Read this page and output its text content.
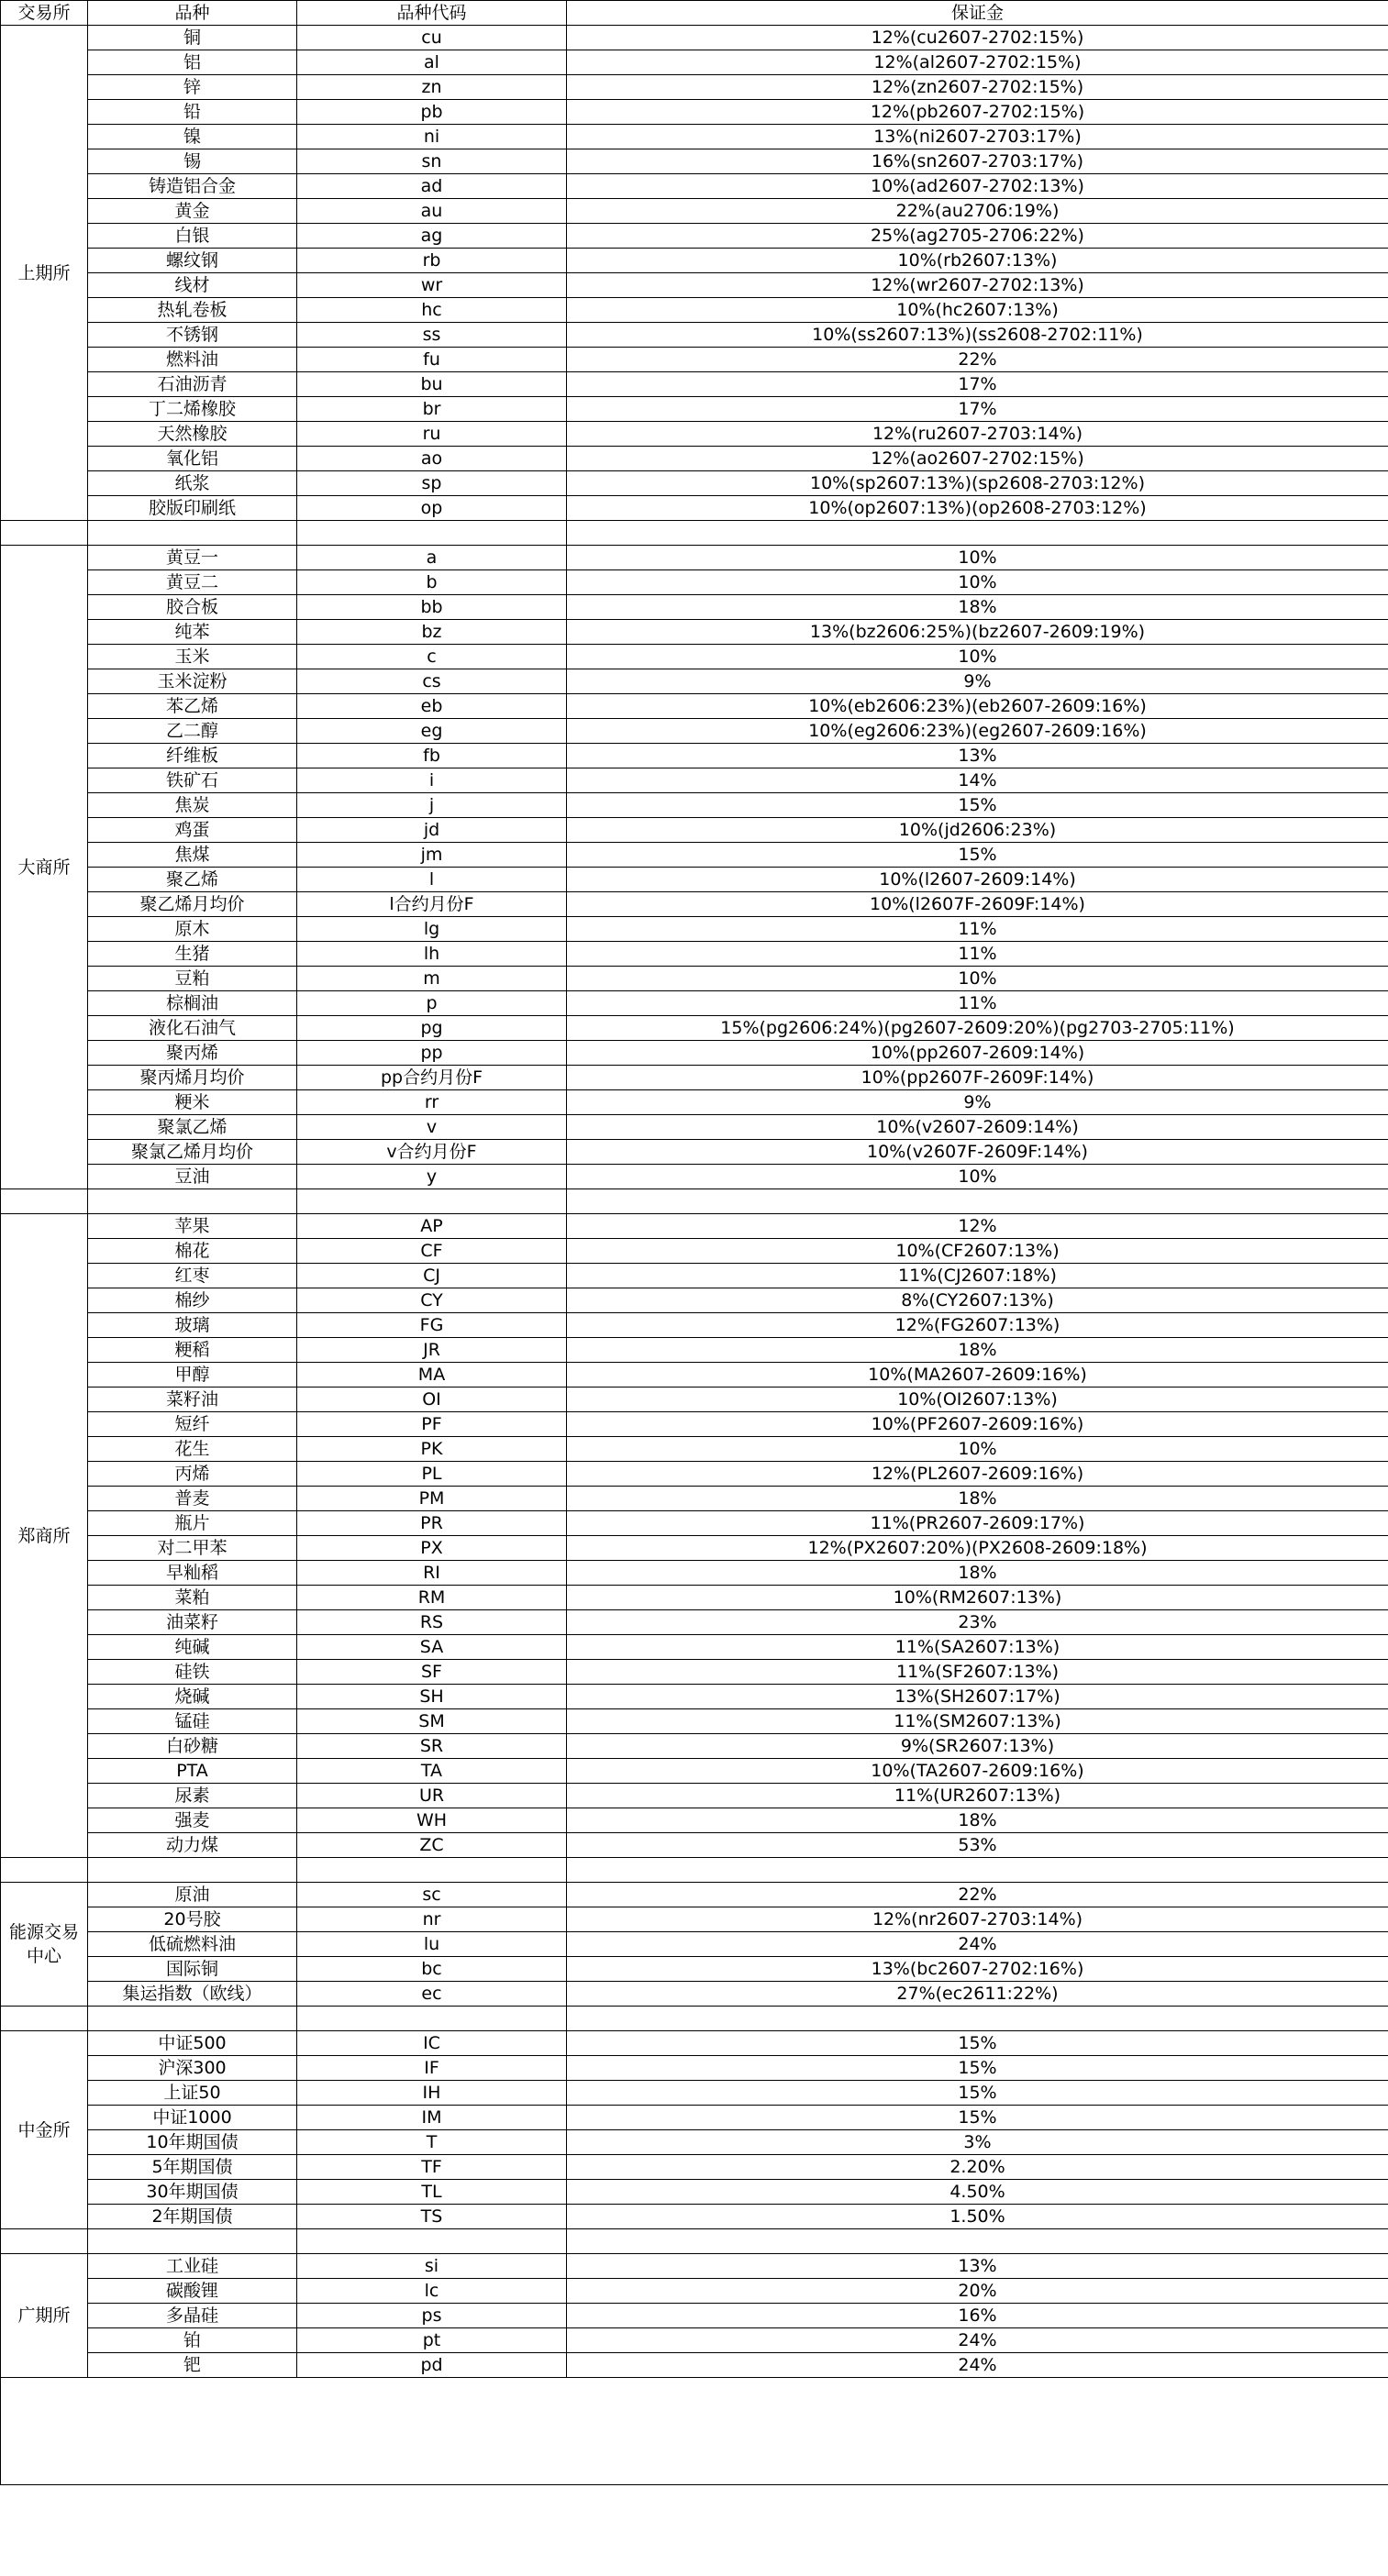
交易所	品种	品种代码	保证金
上期所	铜	cu	12%(cu2607-2702:15%)
	铝	al	12%(al2607-2702:15%)
	锌	zn	12%(zn2607-2702:15%)
	铅	pb	12%(pb2607-2702:15%)
	镍	ni	13%(ni2607-2703:17%)
	锡	sn	16%(sn2607-2703:17%)
	铸造铝合金	ad	10%(ad2607-2702:13%)
	黄金	au	22%(au2706:19%)
	白银	ag	25%(ag2705-2706:22%)
	螺纹钢	rb	10%(rb2607:13%)
	线材	wr	12%(wr2607-2702:13%)
	热轧卷板	hc	10%(hc2607:13%)
	不锈钢	ss	10%(ss2607:13%)(ss2608-2702:11%)
	燃料油	fu	22%
	石油沥青	bu	17%
	丁二烯橡胶	br	17%
	天然橡胶	ru	12%(ru2607-2703:14%)
	氧化铝	ao	12%(ao2607-2702:15%)
	纸浆	sp	10%(sp2607:13%)(sp2608-2703:12%)
	胶版印刷纸	op	10%(op2607:13%)(op2608-2703:12%)

大商所	黄豆一	a	10%
	黄豆二	b	10%
	胶合板	bb	18%
	纯苯	bz	13%(bz2606:25%)(bz2607-2609:19%)
	玉米	c	10%
	玉米淀粉	cs	9%
	苯乙烯	eb	10%(eb2606:23%)(eb2607-2609:16%)
	乙二醇	eg	10%(eg2606:23%)(eg2607-2609:16%)
	纤维板	fb	13%
	铁矿石	i	14%
	焦炭	j	15%
	鸡蛋	jd	10%(jd2606:23%)
	焦煤	jm	15%
	聚乙烯	l	10%(l2607-2609:14%)
	聚乙烯月均价	l合约月份F	10%(l2607F-2609F:14%)
	原木	lg	11%
	生猪	lh	11%
	豆粕	m	10%
	棕榈油	p	11%
	液化石油气	pg	15%(pg2606:24%)(pg2607-2609:20%)(pg2703-2705:11%)
	聚丙烯	pp	10%(pp2607-2609:14%)
	聚丙烯月均价	pp合约月份F	10%(pp2607F-2609F:14%)
	粳米	rr	9%
	聚氯乙烯	v	10%(v2607-2609:14%)
	聚氯乙烯月均价	v合约月份F	10%(v2607F-2609F:14%)
	豆油	y	10%

郑商所	苹果	AP	12%
	棉花	CF	10%(CF2607:13%)
	红枣	CJ	11%(CJ2607:18%)
	棉纱	CY	8%(CY2607:13%)
	玻璃	FG	12%(FG2607:13%)
	粳稻	JR	18%
	甲醇	MA	10%(MA2607-2609:16%)
	菜籽油	OI	10%(OI2607:13%)
	短纤	PF	10%(PF2607-2609:16%)
	花生	PK	10%
	丙烯	PL	12%(PL2607-2609:16%)
	普麦	PM	18%
	瓶片	PR	11%(PR2607-2609:17%)
	对二甲苯	PX	12%(PX2607:20%)(PX2608-2609:18%)
	早籼稻	RI	18%
	菜粕	RM	10%(RM2607:13%)
	油菜籽	RS	23%
	纯碱	SA	11%(SA2607:13%)
	硅铁	SF	11%(SF2607:13%)
	烧碱	SH	13%(SH2607:17%)
	锰硅	SM	11%(SM2607:13%)
	白砂糖	SR	9%(SR2607:13%)
	PTA	TA	10%(TA2607-2609:16%)
	尿素	UR	11%(UR2607:13%)
	强麦	WH	18%
	动力煤	ZC	53%

能源交易中心	原油	sc	22%
	20号胶	nr	12%(nr2607-2703:14%)
	低硫燃料油	lu	24%
	国际铜	bc	13%(bc2607-2702:16%)
	集运指数（欧线）	ec	27%(ec2611:22%)

中金所	中证500	IC	15%
	沪深300	IF	15%
	上证50	IH	15%
	中证1000	IM	15%
	10年期国债	T	3%
	5年期国债	TF	2.20%
	30年期国债	TL	4.50%
	2年期国债	TS	1.50%

广期所	工业硅	si	13%
	碳酸锂	lc	20%
	多晶硅	ps	16%
	铂	pt	24%
	钯	pd	24%
